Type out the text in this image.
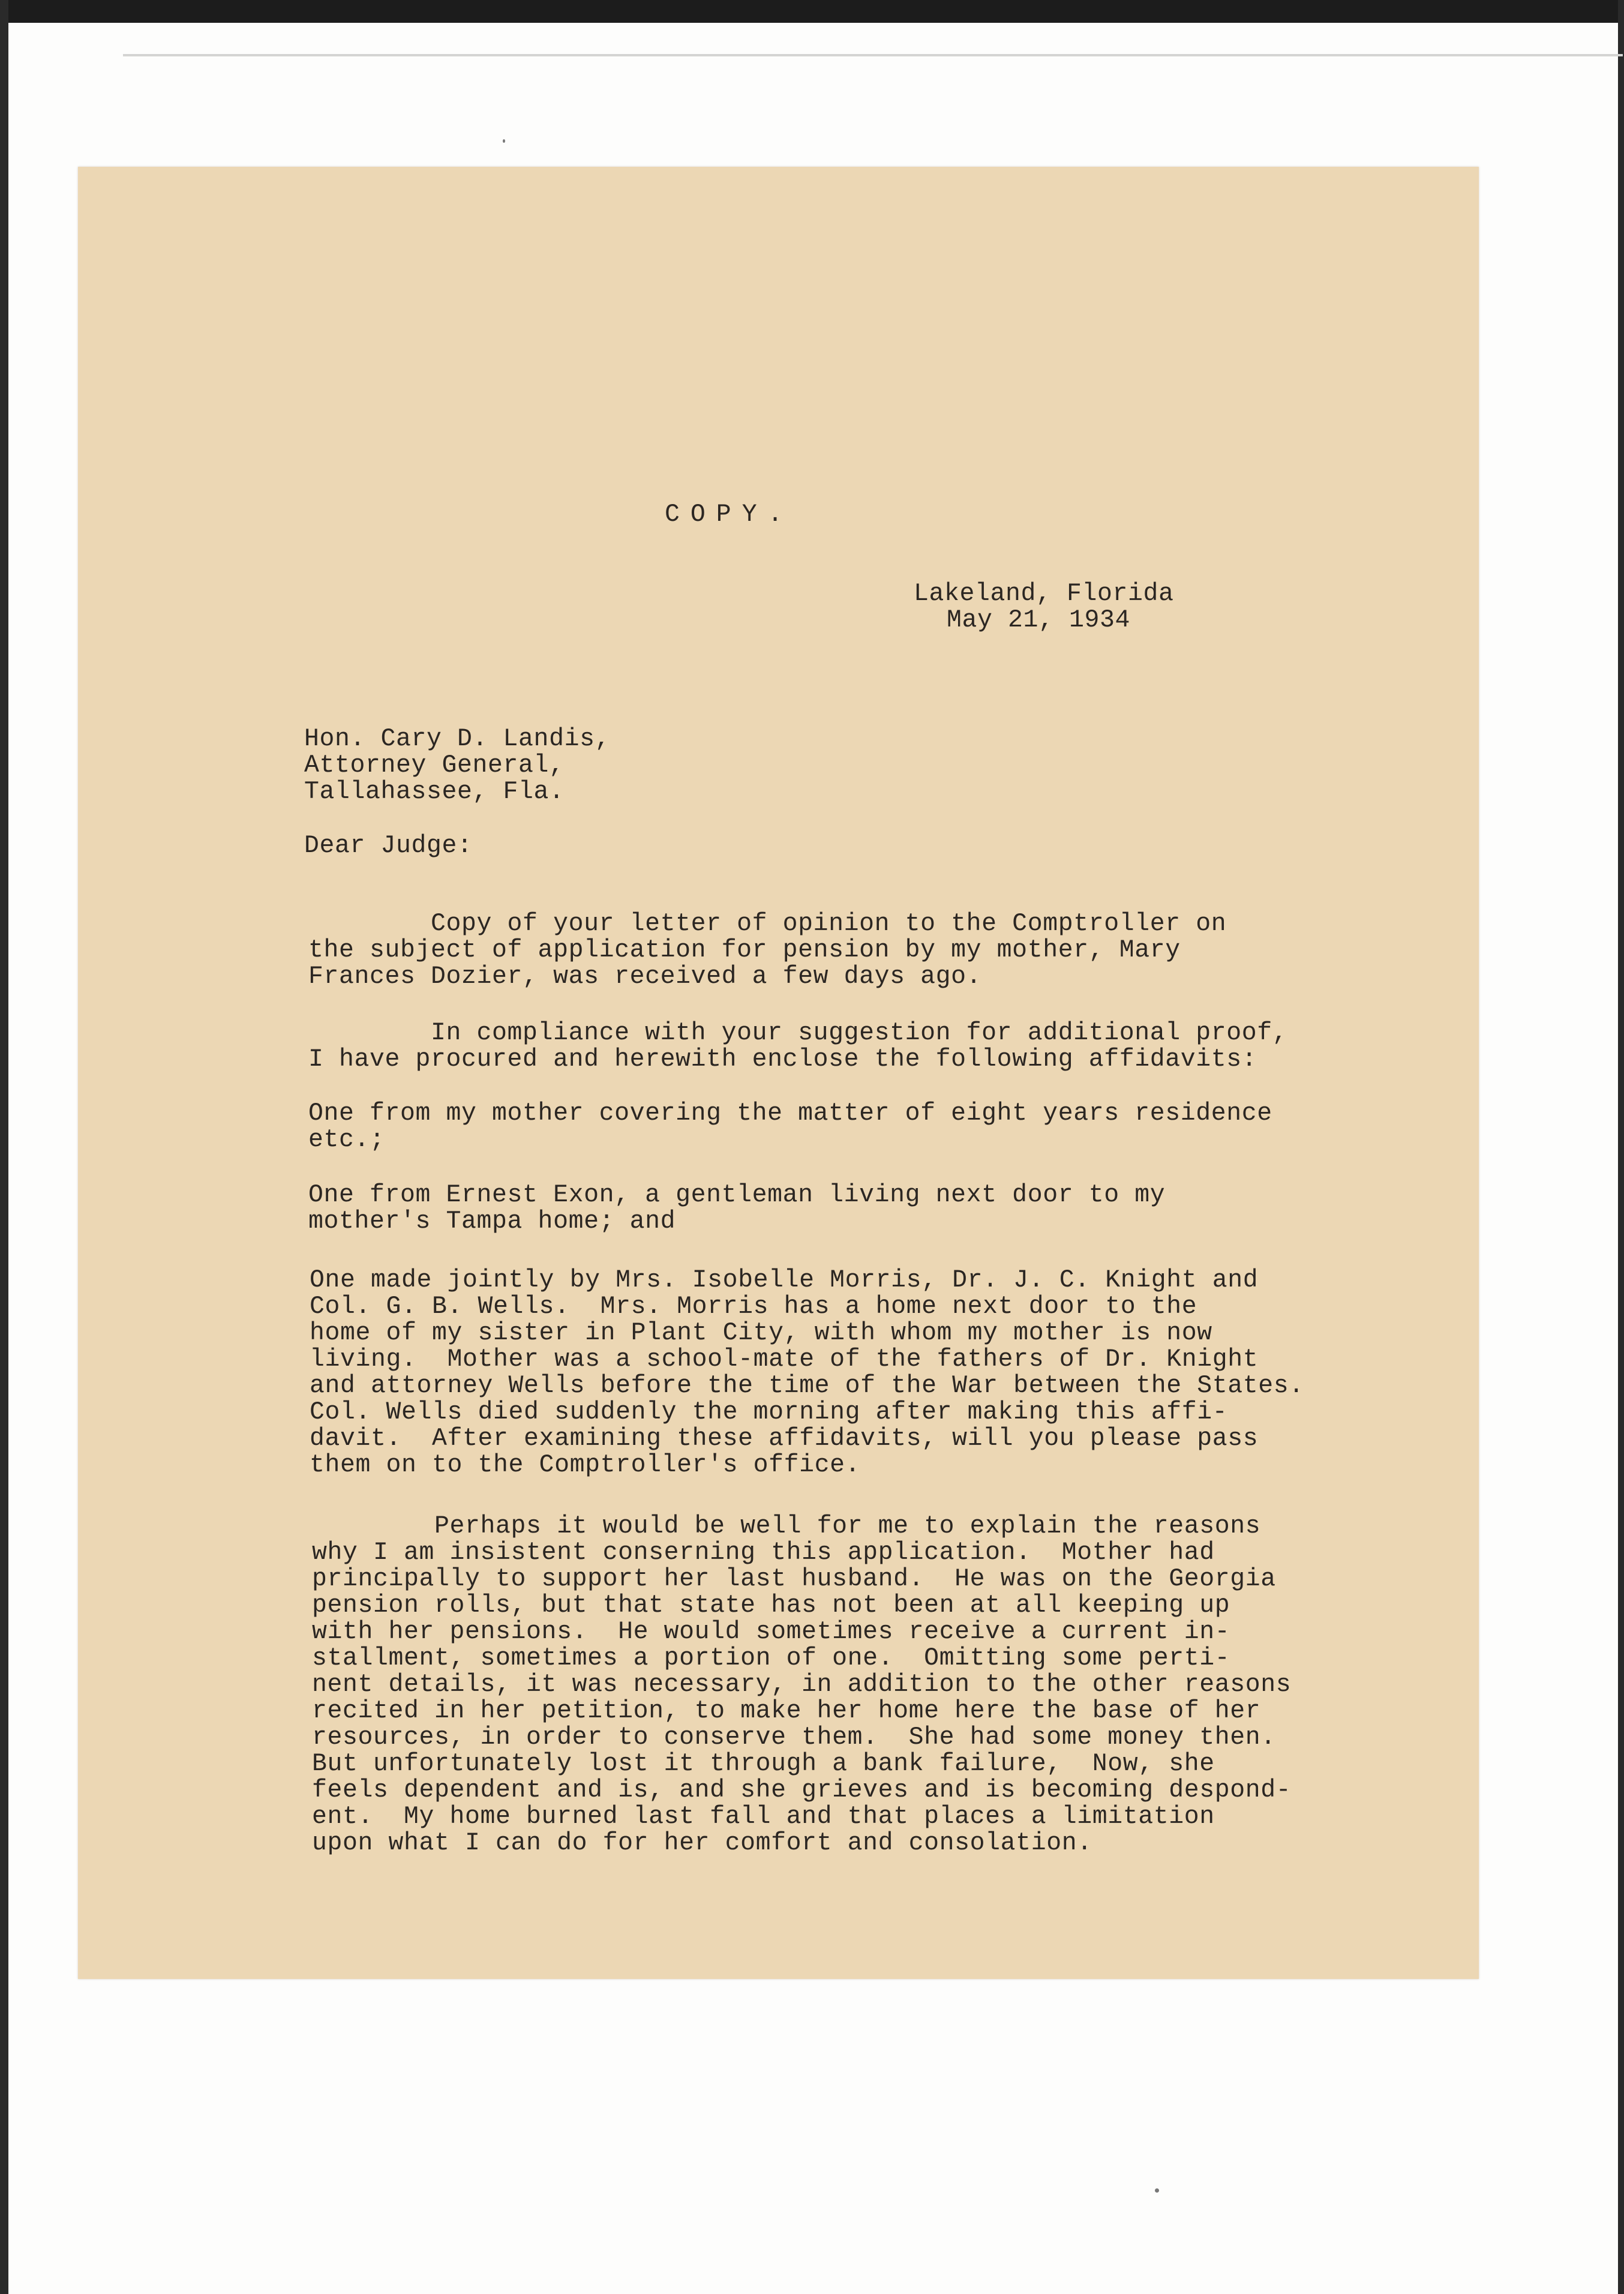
COPY.
Lakeland, Florida
May 21, 1934
Hon. Cary D. Landis,
Attorney General,
Tallahassee, Fla.
Dear Judge:
Copy of your letter of opinion to the Comptroller on
the subject of application for pension by my mother, Mary
Frances Dozier, was received a few days ago.
In compliance with your suggestion for additional proof,
I have procured and herewith enclose the following affidavits:
One from my mother covering the matter of eight years residence
etc.;
One from Ernest Exon, a gentleman living next door to my
mother's Tampa home; and
One made jointly by Mrs. Isobelle Morris, Dr. J. C. Knight and
Col. G. B. Wells.  Mrs. Morris has a home next door to the
home of my sister in Plant City, with whom my mother is now
living.  Mother was a school-mate of the fathers of Dr. Knight
and attorney Wells before the time of the War between the States.
Col. Wells died suddenly the morning after making this affi-
davit.  After examining these affidavits, will you please pass
them on to the Comptroller's office.
Perhaps it would be well for me to explain the reasons
why I am insistent conserning this application.  Mother had
principally to support her last husband.  He was on the Georgia
pension rolls, but that state has not been at all keeping up
with her pensions.  He would sometimes receive a current in-
stallment, sometimes a portion of one.  Omitting some perti-
nent details, it was necessary, in addition to the other reasons
recited in her petition, to make her home here the base of her
resources, in order to conserve them.  She had some money then.
But unfortunately lost it through a bank failure,  Now, she
feels dependent and is, and she grieves and is becoming despond-
ent.  My home burned last fall and that places a limitation
upon what I can do for her comfort and consolation.
